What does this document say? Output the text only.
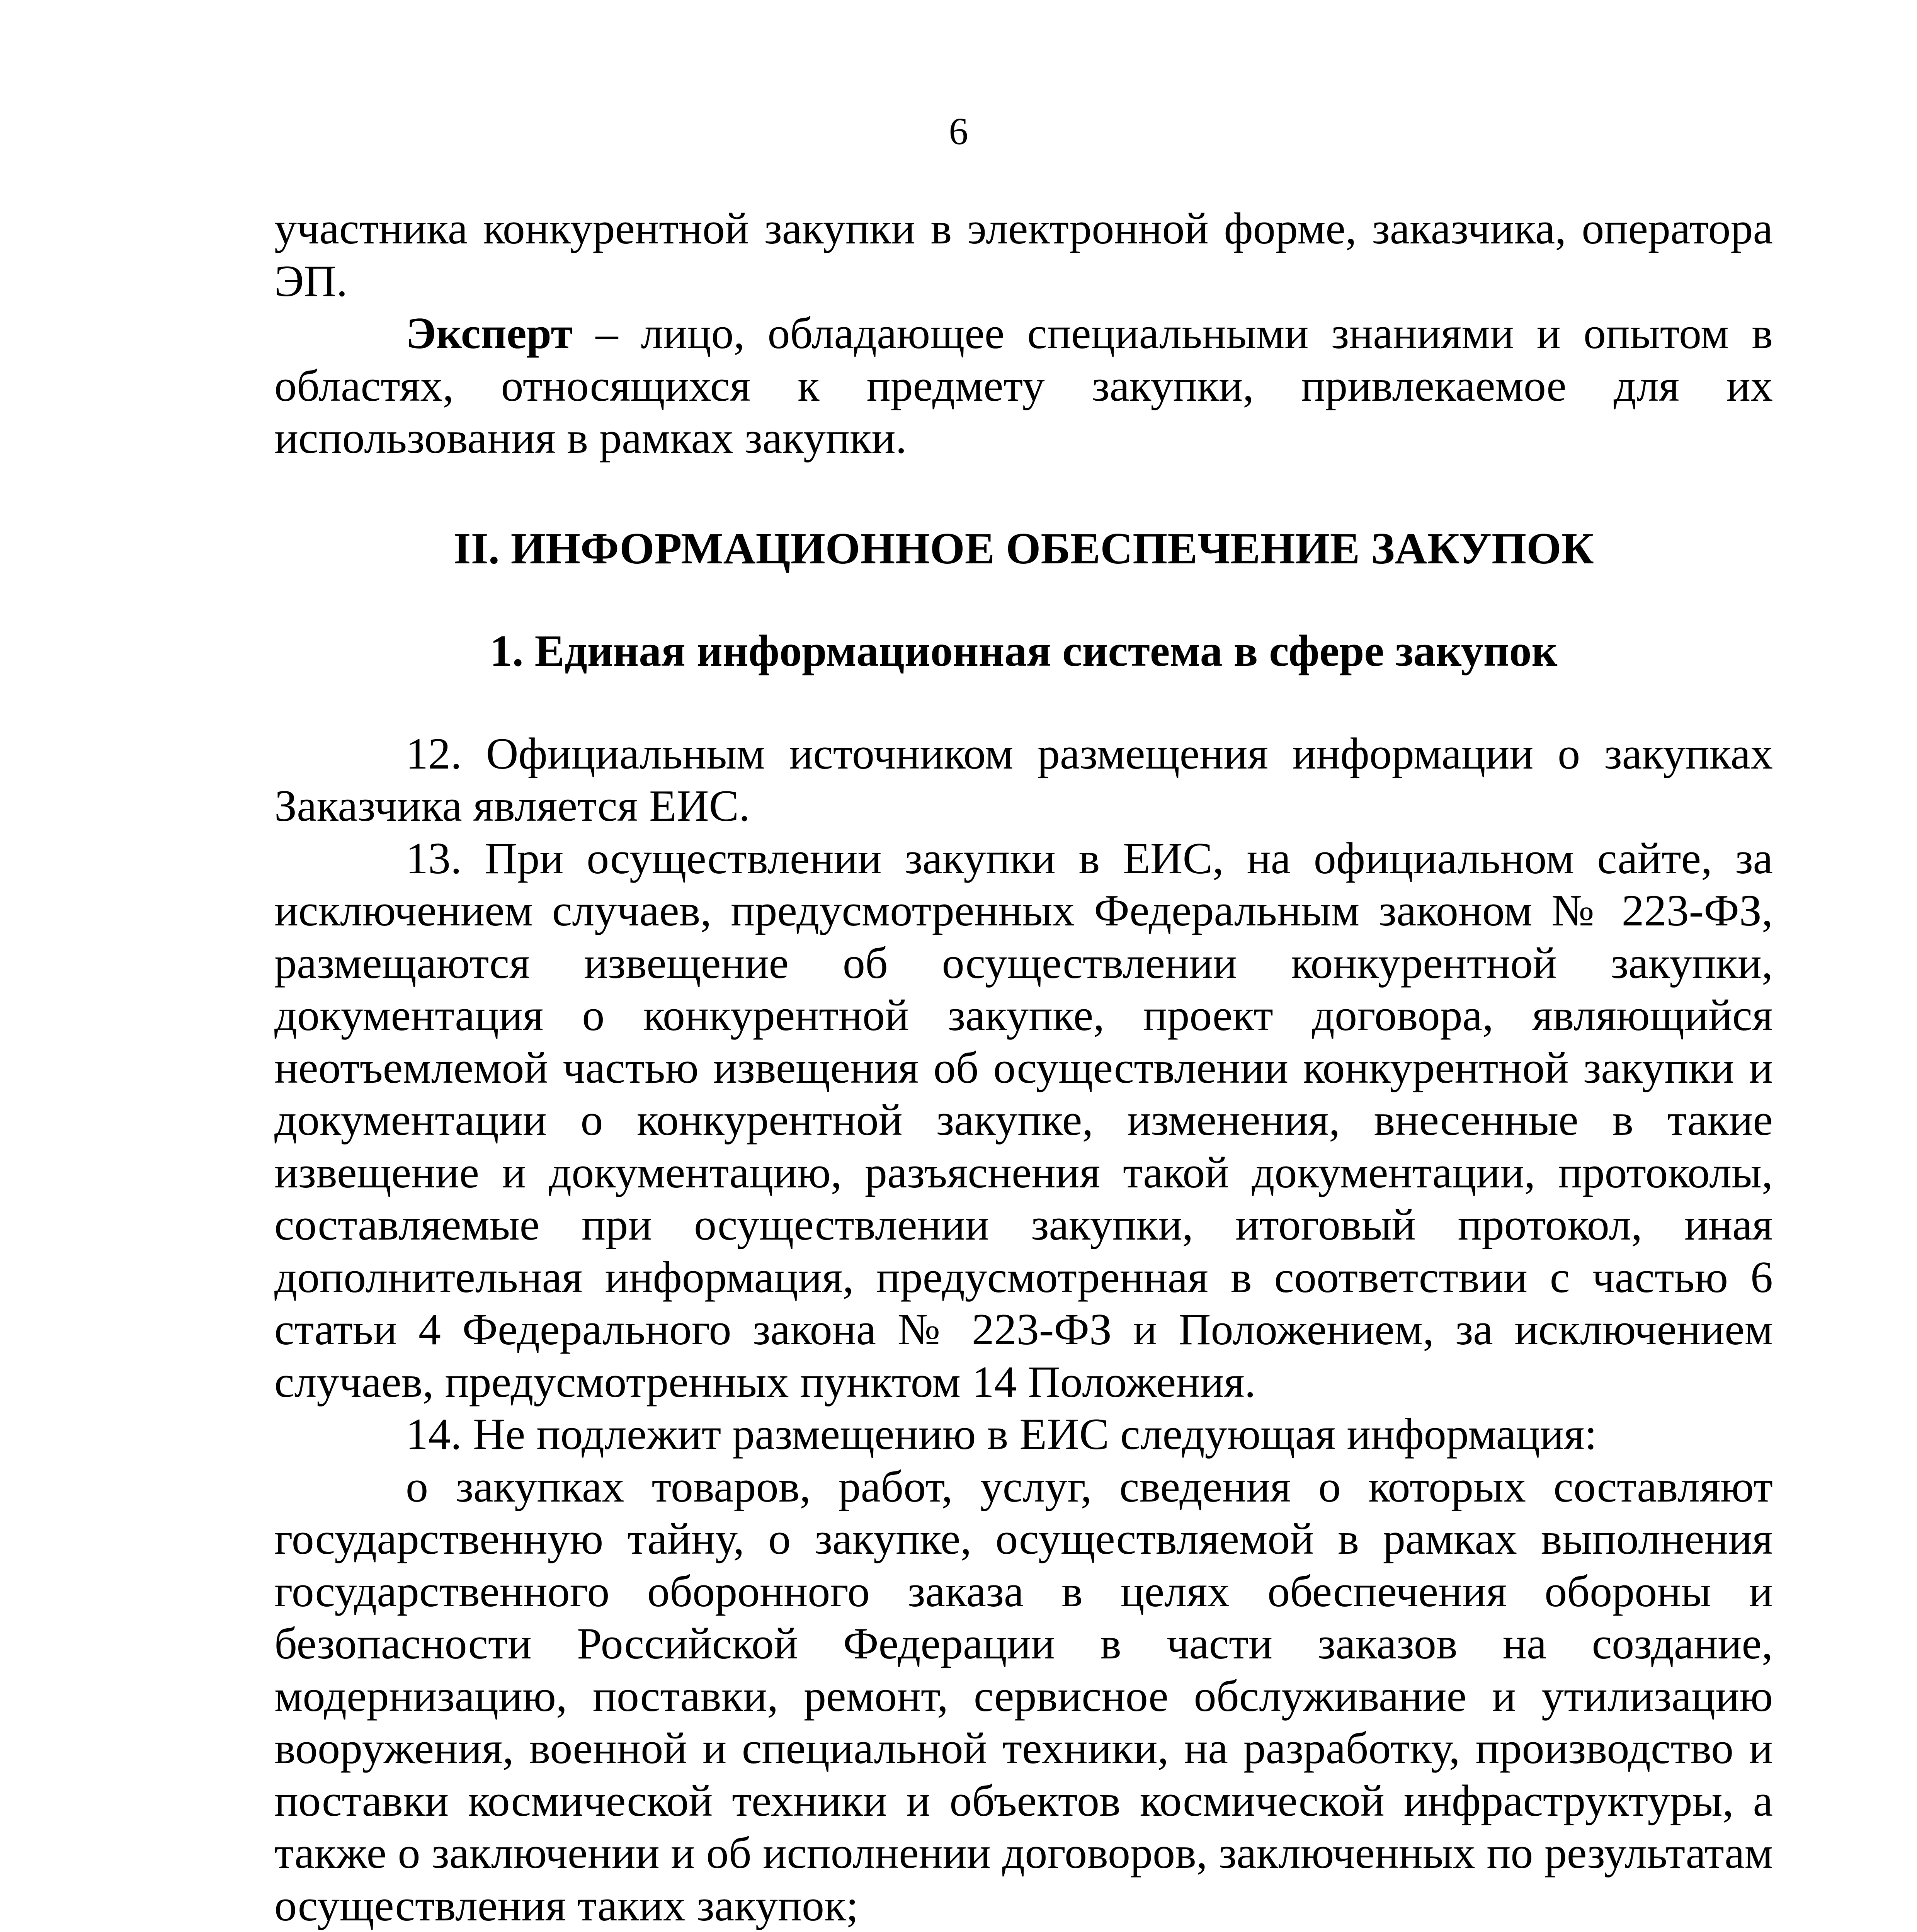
6

участника конкурентной закупки в электронной форме, заказчика, оператора ЭП.

Эксперт – лицо, обладающее специальными знаниями и опытом в областях, относящихся к предмету закупки, привлекаемое для их использования в рамках закупки.

II. ИНФОРМАЦИОННОЕ ОБЕСПЕЧЕНИЕ ЗАКУПОК
1. Единая информационная система в сфере закупок

12. Официальным источником размещения информации о закупках Заказчика является ЕИС.

13. При осуществлении закупки в ЕИС, на официальном сайте, за исключением случаев, предусмотренных Федеральным законом № 223-ФЗ, размещаются извещение об осуществлении конкурентной закупки, документация о конкурентной закупке, проект договора, являющийся неотъемлемой частью извещения об осуществлении конкурентной закупки и документации о конкурентной закупке, изменения, внесенные в такие извещение и документацию, разъяснения такой документации, протоколы, составляемые при осуществлении закупки, итоговый протокол, иная дополнительная информация, предусмотренная в соответствии с частью 6 статьи 4 Федерального закона № 223-ФЗ и Положением, за исключением случаев, предусмотренных пунктом 14 Положения.

14. Не подлежит размещению в ЕИС следующая информация:

о закупках товаров, работ, услуг, сведения о которых составляют государственную тайну, о закупке, осуществляемой в рамках выполнения государственного оборонного заказа в целях обеспечения обороны и безопасности Российской Федерации в части заказов на создание, модернизацию, поставки, ремонт, сервисное обслуживание и утилизацию вооружения, военной и специальной техники, на разработку, производство и поставки космической техники и объектов космической инфраструктуры, а также о заключении и об исполнении договоров, заключенных по результатам осуществления таких закупок;
